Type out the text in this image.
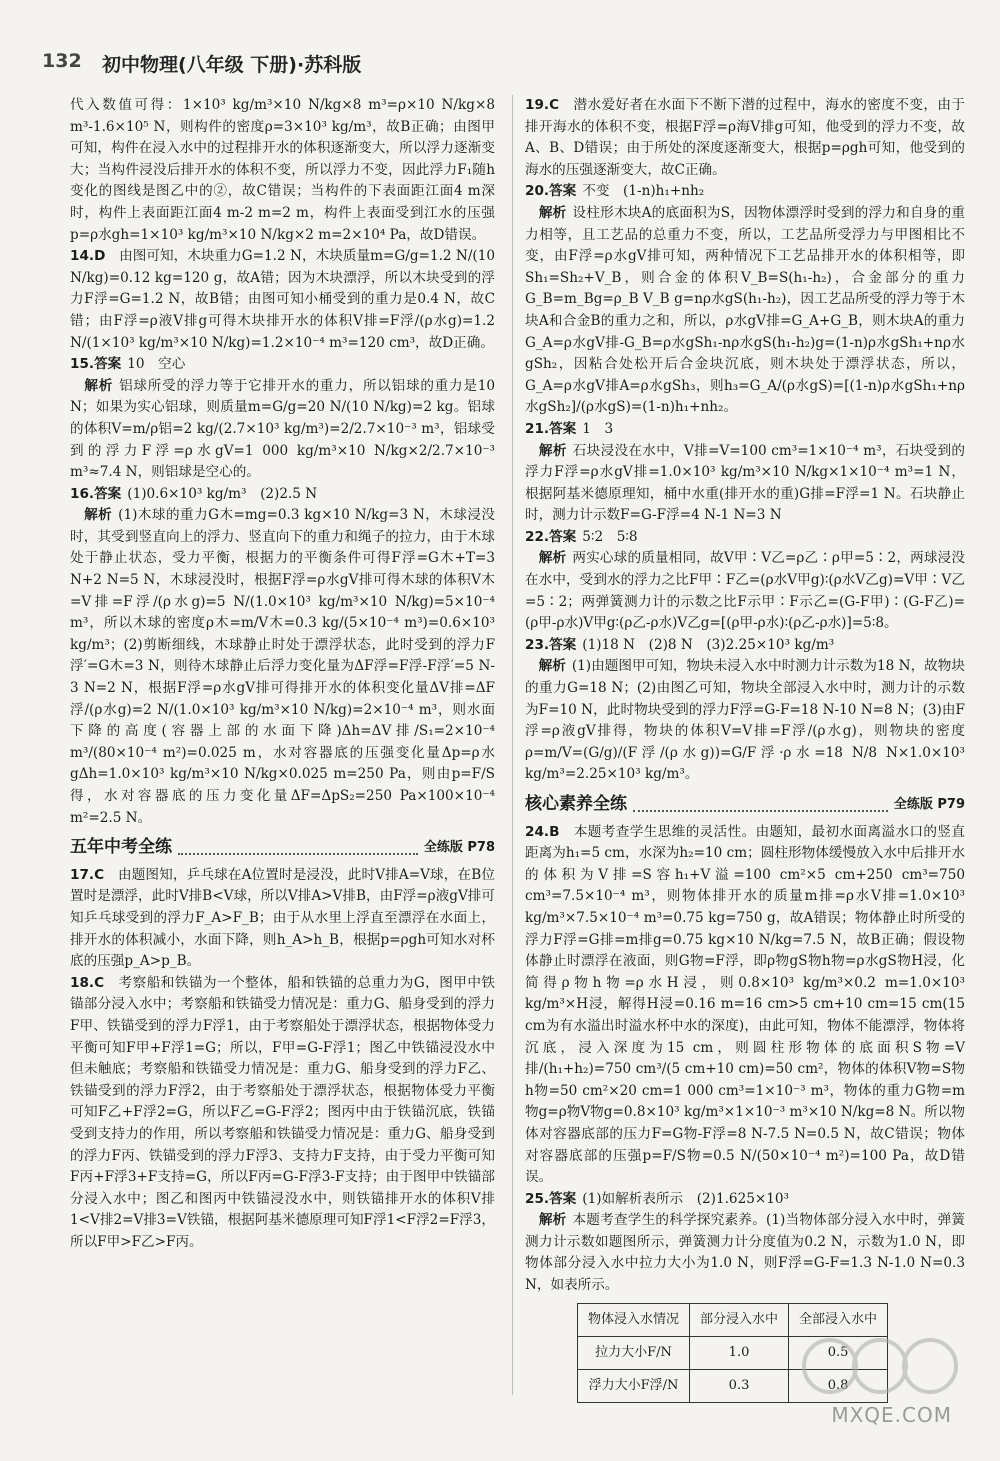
132 初中物理(八年级 下册)·苏科版

代入数值可得：1×10³ kg/m³×10 N/kg×8 m³=ρ×10 N/kg×8 m³-1.6×10⁵ N，则构件的密度ρ=3×10³ kg/m³，故B正确；由图甲可知，构件在浸入水中的过程排开水的体积逐渐变大，所以浮力逐渐变大；当构件浸没后排开水的体积不变，所以浮力不变，因此浮力F₁随h变化的图线是图乙中的②，故C错误；当构件的下表面距江面4 m深时，构件上表面距江面4 m-2 m=2 m，构件上表面受到江水的压强p=ρ水gh=1×10³ kg/m³×10 N/kg×2 m=2×10⁴ Pa，故D错误。

14.D　 由图可知，木块重力G=1.2 N，木块质量m=G/g=1.2 N/(10 N/kg)=0.12 kg=120 g，故A错；因为木块漂浮，所以木块受到的浮力F浮=G=1.2 N，故B错；由图可知小桶受到的重力是0.4 N，故C错；由F浮=ρ液V排g可得木块排开水的体积V排=F浮/(ρ水g)=1.2 N/(1×10³ kg/m³×10 N/kg)=1.2×10⁻⁴ m³=120 cm³，故D正确。

15.答案 10　空心

　解析 铝球所受的浮力等于它排开水的重力，所以铝球的重力是10 N；如果为实心铝球，则质量m=G/g=20 N/(10 N/kg)=2 kg。铝球的体积V=m/ρ铝=2 kg/(2.7×10³ kg/m³)=2/2.7×10⁻³ m³，铝球受到的浮力F浮=ρ水gV=1 000 kg/m³×10 N/kg×2/2.7×10⁻³ m³≈7.4 N，则铝球是空心的。

16.答案 (1)0.6×10³ kg/m³　(2)2.5 N

　解析 (1)木球的重力G木=mg=0.3 kg×10 N/kg=3 N，木球浸没时，其受到竖直向上的浮力、竖直向下的重力和绳子的拉力，由于木球处于静止状态，受力平衡，根据力的平衡条件可得F浮=G木+T=3 N+2 N=5 N，木球浸没时，根据F浮=ρ水gV排可得木球的体积V木=V排=F浮/(ρ水g)=5 N/(1.0×10³ kg/m³×10 N/kg)=5×10⁻⁴ m³，所以木球的密度ρ木=m/V木=0.3 kg/(5×10⁻⁴ m³)=0.6×10³ kg/m³；(2)剪断细线，木球静止时处于漂浮状态，此时受到的浮力F浮′=G木=3 N，则待木球静止后浮力变化量为ΔF浮=F浮-F浮′=5 N-3 N=2 N，根据F浮=ρ水gV排可得排开水的体积变化量ΔV排=ΔF浮/(ρ水g)=2 N/(1.0×10³ kg/m³×10 N/kg)=2×10⁻⁴ m³，则水面下降的高度(容器上部的水面下降)Δh=ΔV排/S₁=2×10⁻⁴ m³/(80×10⁻⁴ m²)=0.025 m，水对容器底的压强变化量Δp=ρ水gΔh=1.0×10³ kg/m³×10 N/kg×0.025 m=250 Pa，则由p=F/S得，水对容器底的压力变化量ΔF=ΔpS₂=250 Pa×100×10⁻⁴ m²=2.5 N。

五年中考全练	全练版 P78

17.C　 由题图知，乒乓球在A位置时是浸没，此时V排A=V球，在B位置时是漂浮，此时V排B<V球，所以V排A>V排B，由F浮=ρ液gV排可知乒乓球受到的浮力F_A>F_B；由于从水里上浮直至漂浮在水面上，排开水的体积减小，水面下降，则h_A>h_B，根据p=ρgh可知水对杯底的压强p_A>p_B。

18.C　 考察船和铁锚为一个整体，船和铁锚的总重力为G，图甲中铁锚部分浸入水中；考察船和铁锚受力情况是：重力G、船身受到的浮力F甲、铁锚受到的浮力F浮1，由于考察船处于漂浮状态，根据物体受力平衡可知F甲+F浮1=G；所以，F甲=G-F浮1；图乙中铁锚浸没水中但未触底；考察船和铁锚受力情况是：重力G、船身受到的浮力F乙、铁锚受到的浮力F浮2，由于考察船处于漂浮状态，根据物体受力平衡可知F乙+F浮2=G，所以F乙=G-F浮2；图丙中由于铁锚沉底，铁锚受到支持力的作用，所以考察船和铁锚受力情况是：重力G、船身受到的浮力F丙、铁锚受到的浮力F浮3、支持力F支持，由于受力平衡可知F丙+F浮3+F支持=G，所以F丙=G-F浮3-F支持；由于图甲中铁锚部分浸入水中；图乙和图丙中铁锚浸没水中，则铁锚排开水的体积V排1<V排2=V排3=V铁锚，根据阿基米德原理可知F浮1<F浮2=F浮3，所以F甲>F乙>F丙。

19.C　 潜水爱好者在水面下不断下潜的过程中，海水的密度不变，由于排开海水的体积不变，根据F浮=ρ海V排g可知，他受到的浮力不变，故A、B、D错误；由于所处的深度逐渐变大，根据p=ρgh可知，他受到的海水的压强逐渐变大，故C正确。

20.答案 不变　(1-n)h₁+nh₂

　解析 设柱形木块A的底面积为S，因物体漂浮时受到的浮力和自身的重力相等，且工艺品的总重力不变，所以，工艺品所受浮力与甲图相比不变，由F浮=ρ水gV排可知，两种情况下工艺品排开水的体积相等，即Sh₁=Sh₂+V_B，则合金的体积V_B=S(h₁-h₂)，合金部分的重力G_B=m_Bg=ρ_B V_B g=nρ水gS(h₁-h₂)，因工艺品所受的浮力等于木块A和合金B的重力之和，所以，ρ水gV排=G_A+G_B，则木块A的重力G_A=ρ水gV排-G_B=ρ水gSh₁-nρ水gS(h₁-h₂)g=(1-n)ρ水gSh₁+nρ水gSh₂，因粘合处松开后合金块沉底，则木块处于漂浮状态，所以，G_A=ρ水gV排A=ρ水gSh₃，则h₃=G_A/(ρ水gS)=[(1-n)ρ水gSh₁+nρ水gSh₂]/(ρ水gS)=(1-n)h₁+nh₂。

21.答案 1　3

　解析 石块浸没在水中，V排=V=100 cm³=1×10⁻⁴ m³，石块受到的浮力F浮=ρ水gV排=1.0×10³ kg/m³×10 N/kg×1×10⁻⁴ m³=1 N，根据阿基米德原理知，桶中水重(排开水的重)G排=F浮=1 N。石块静止时，测力计示数F=G-F浮=4 N-1 N=3 N

22.答案 5∶2　5∶8

　解析 两实心球的质量相同，故V甲∶V乙=ρ乙∶ρ甲=5∶2，两球浸没在水中，受到水的浮力之比F甲∶F乙=(ρ水V甲g)∶(ρ水V乙g)=V甲∶V乙=5∶2；两弹簧测力计的示数之比F示甲∶F示乙=(G-F甲)∶(G-F乙)=(ρ甲-ρ水)V甲g∶(ρ乙-ρ水)V乙g=[(ρ甲-ρ水)∶(ρ乙-ρ水)]=5∶8。

23.答案 (1)18 N　(2)8 N　(3)2.25×10³ kg/m³

　解析 (1)由题图甲可知，物块未浸入水中时测力计示数为18 N，故物块的重力G=18 N；(2)由图乙可知，物块全部浸入水中时，测力计的示数为F=10 N，此时物块受到的浮力F浮=G-F=18 N-10 N=8 N；(3)由F浮=ρ液gV排得，物块的体积V=V排=F浮/(ρ水g)，则物块的密度ρ=m/V=(G/g)/(F浮/(ρ水g))=G/F浮·ρ水=18 N/8 N×1.0×10³ kg/m³=2.25×10³ kg/m³。

核心素养全练	全练版 P79

24.B　 本题考查学生思维的灵活性。由题知，最初水面离溢水口的竖直距离为h₁=5 cm，水深为h₂=10 cm；圆柱形物体缓慢放入水中后排开水的体积为V排=S容h₁+V溢=100 cm²×5 cm+250 cm³=750 cm³=7.5×10⁻⁴ m³，则物体排开水的质量m排=ρ水V排=1.0×10³ kg/m³×7.5×10⁻⁴ m³=0.75 kg=750 g，故A错误；物体静止时所受的浮力F浮=G排=m排g=0.75 kg×10 N/kg=7.5 N，故B正确；假设物体静止时漂浮在液面，则G物=F浮，即ρ物gS物h物=ρ水gS物H浸，化简得ρ物h物=ρ水H浸，则0.8×10³ kg/m³×0.2 m=1.0×10³ kg/m³×H浸，解得H浸=0.16 m=16 cm>5 cm+10 cm=15 cm(15 cm为有水溢出时溢水杯中水的深度)，由此可知，物体不能漂浮，物体将沉底，浸入深度为15 cm，则圆柱形物体的底面积S物=V排/(h₁+h₂)=750 cm³/(5 cm+10 cm)=50 cm²，物体的体积V物=S物h物=50 cm²×20 cm=1 000 cm³=1×10⁻³ m³，物体的重力G物=m物g=ρ物V物g=0.8×10³ kg/m³×1×10⁻³ m³×10 N/kg=8 N。所以物体对容器底部的压力F=G物-F浮=8 N-7.5 N=0.5 N，故C错误；物体对容器底部的压强p=F/S物=0.5 N/(50×10⁻⁴ m²)=100 Pa，故D错误。

25.答案 (1)如解析表所示　(2)1.625×10³

　解析 本题考查学生的科学探究素养。(1)当物体部分浸入水中时，弹簧测力计示数如题图所示，弹簧测力计分度值为0.2 N，示数为1.0 N，即物体部分浸入水中拉力大小为1.0 N，则F浮=G-F=1.3 N-1.0 N=0.3 N，如表所示。

物体浸入水情况	部分浸入水中	全部浸入水中
拉力大小F/N	1.0	0.5
浮力大小F浮/N	0.3	0.8
MXQE.COM
